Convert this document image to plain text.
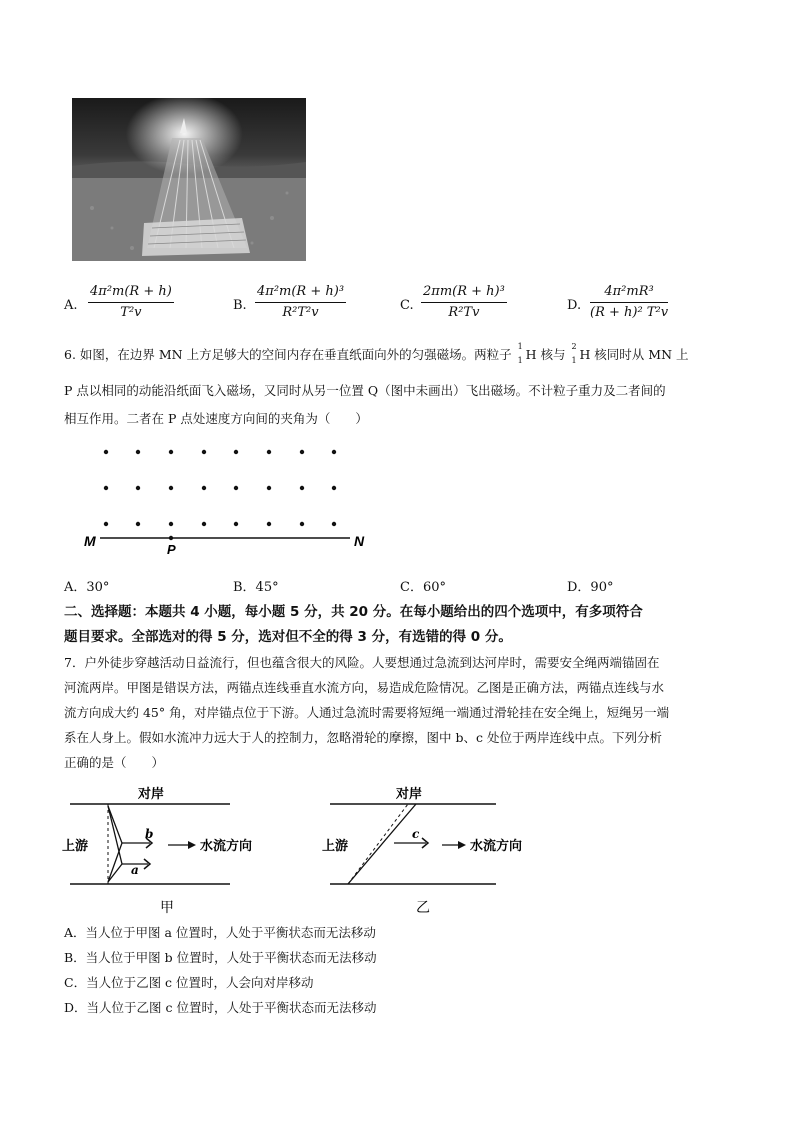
A. $\frac{\text{4π²m(R + h)}}{\text{T²v}}$	B. $\frac{\text{4π²m(R + h)³}}{\text{R²T²v}}$	C. $\frac{\text{2πm(R + h)³}}{\text{R²Tv}}$	D. $\frac{\text{4π²mR³}}{\text{(R + h)² T²v}}$
6. 如图，在边界 MN 上方足够大的空间内存在垂直纸面向外的匀强磁场。两粒子
1
1 H 核与
2
1 H 核同时从 MN 上
P 点以相同的动能沿纸面飞入磁场，又同时从另一位置 Q（图中未画出）飞出磁场。不计粒子重力及二者间的
相互作用。二者在 P 点处速度方向间的夹角为（　　）
M	N
P
A．30°	B．45°	C．60°	D．90°
二、选择题：本题共 4 小题，每小题 5 分，共 20 分。在每小题给出的四个选项中，有多项符合
题目要求。全部选对的得 5 分，选对但不全的得 3 分，有选错的得 0 分。
7．户外徒步穿越活动日益流行，但也蕴含很大的风险。人要想通过急流到达河岸时，需要安全绳两端锚固在
河流两岸。甲图是错误方法，两锚点连线垂直水流方向，易造成危险情况。乙图是正确方法，两锚点连线与水
流方向成大约 45° 角，对岸锚点位于下游。人通过急流时需要将短绳一端通过滑轮挂在安全绳上，短绳另一端
系在人身上。假如水流冲力远大于人的控制力，忽略滑轮的摩擦，图中 b、c 处位于两岸连线中点。下列分析
正确的是（　　）
b
a
对岸
上游	水流方向
甲
c
对岸
上游	水流方向
乙
A．当人位于甲图 a 位置时，人处于平衡状态而无法移动
B．当人位于甲图 b 位置时，人处于平衡状态而无法移动
C．当人位于乙图 c 位置时，人会向对岸移动
D．当人位于乙图 c 位置时，人处于平衡状态而无法移动
